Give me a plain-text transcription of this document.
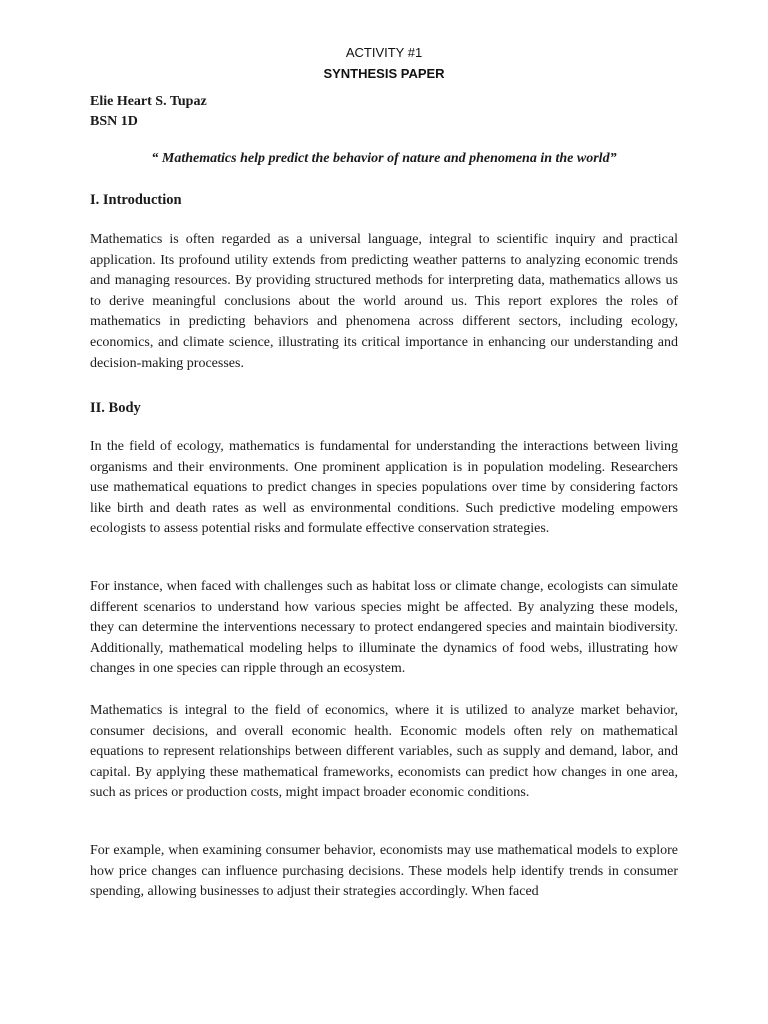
ACTIVITY #1
SYNTHESIS PAPER
Elie Heart S. Tupaz
BSN 1D
“ Mathematics help predict the behavior of nature and phenomena in the world”
I. Introduction

Mathematics is often regarded as a universal language, integral to scientific inquiry and practical application. Its profound utility extends from predicting weather patterns to analyzing economic trends and managing resources. By providing structured methods for interpreting data, mathematics allows us to derive meaningful conclusions about the world around us. This report explores the roles of mathematics in predicting behaviors and phenomena across different sectors, including ecology, economics, and climate science, illustrating its critical importance in enhancing our understanding and decision-making processes.

II. Body

In the field of ecology, mathematics is fundamental for understanding the interactions between living organisms and their environments. One prominent application is in population modeling. Researchers use mathematical equations to predict changes in species populations over time by considering factors like birth and death rates as well as environmental conditions. Such predictive modeling empowers ecologists to assess potential risks and formulate effective conservation strategies.

For instance, when faced with challenges such as habitat loss or climate change, ecologists can simulate different scenarios to understand how various species might be affected. By analyzing these models, they can determine the interventions necessary to protect endangered species and maintain biodiversity. Additionally, mathematical modeling helps to illuminate the dynamics of food webs, illustrating how changes in one species can ripple through an ecosystem.

Mathematics is integral to the field of economics, where it is utilized to analyze market behavior, consumer decisions, and overall economic health. Economic models often rely on mathematical equations to represent relationships between different variables, such as supply and demand, labor, and capital. By applying these mathematical frameworks, economists can predict how changes in one area, such as prices or production costs, might impact broader economic conditions.

For example, when examining consumer behavior, economists may use mathematical models to explore how price changes can influence purchasing decisions. These models help identify trends in consumer spending, allowing businesses to adjust their strategies accordingly. When faced
